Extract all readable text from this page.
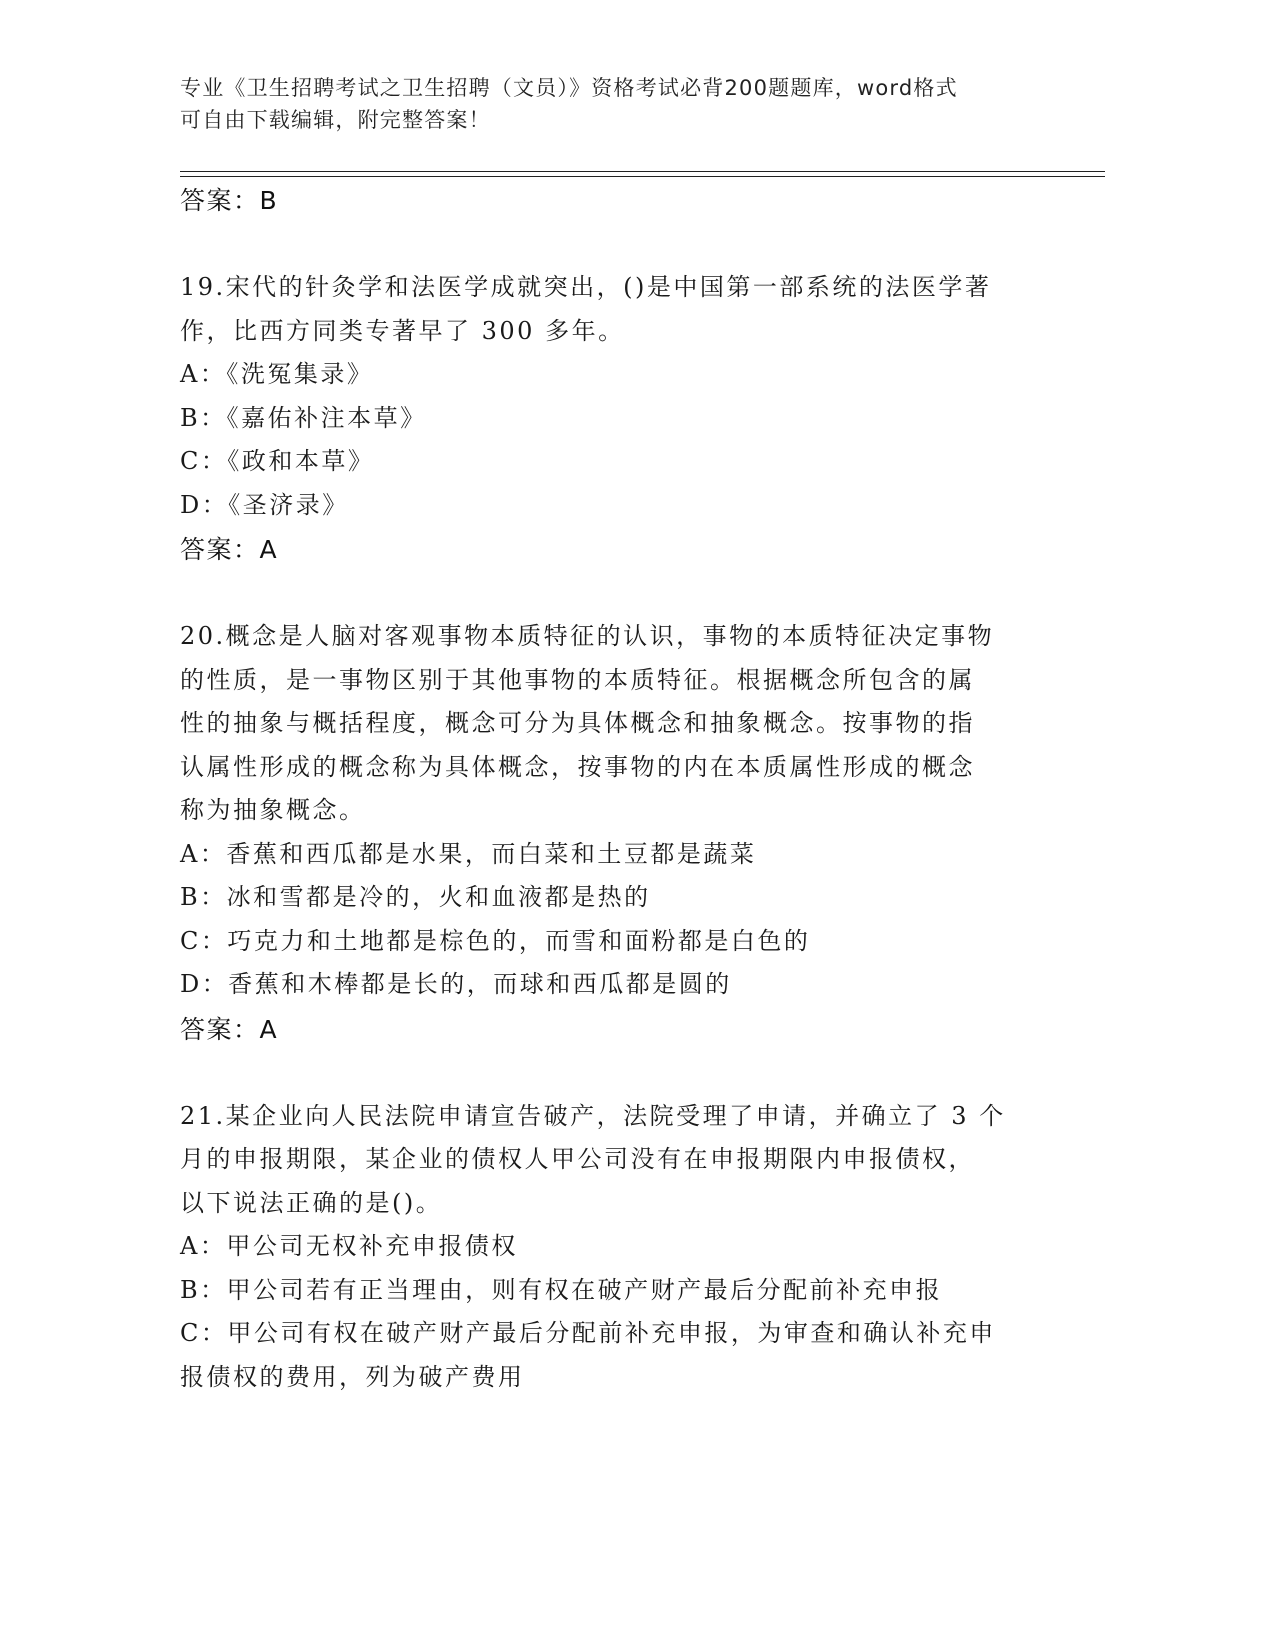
专业《卫生招聘考试之卫生招聘（文员）》资格考试必背200题题库，word格式
可自由下载编辑，附完整答案！
答案：B
19.宋代的针灸学和法医学成就突出，()是中国第一部系统的法医学著
作，比西方同类专著早了 300 多年。
A：《洗冤集录》
B：《嘉佑补注本草》
C：《政和本草》
D：《圣济录》
答案：A
20.概念是人脑对客观事物本质特征的认识，事物的本质特征决定事物
的性质，是一事物区别于其他事物的本质特征。根据概念所包含的属
性的抽象与概括程度，概念可分为具体概念和抽象概念。按事物的指
认属性形成的概念称为具体概念，按事物的内在本质属性形成的概念
称为抽象概念。
A：香蕉和西瓜都是水果，而白菜和土豆都是蔬菜
B：冰和雪都是冷的，火和血液都是热的
C：巧克力和土地都是棕色的，而雪和面粉都是白色的
D：香蕉和木棒都是长的，而球和西瓜都是圆的
答案：A
21.某企业向人民法院申请宣告破产，法院受理了申请，并确立了 3 个
月的申报期限，某企业的债权人甲公司没有在申报期限内申报债权，
以下说法正确的是()。
A：甲公司无权补充申报债权
B：甲公司若有正当理由，则有权在破产财产最后分配前补充申报
C：甲公司有权在破产财产最后分配前补充申报，为审查和确认补充申
报债权的费用，列为破产费用
